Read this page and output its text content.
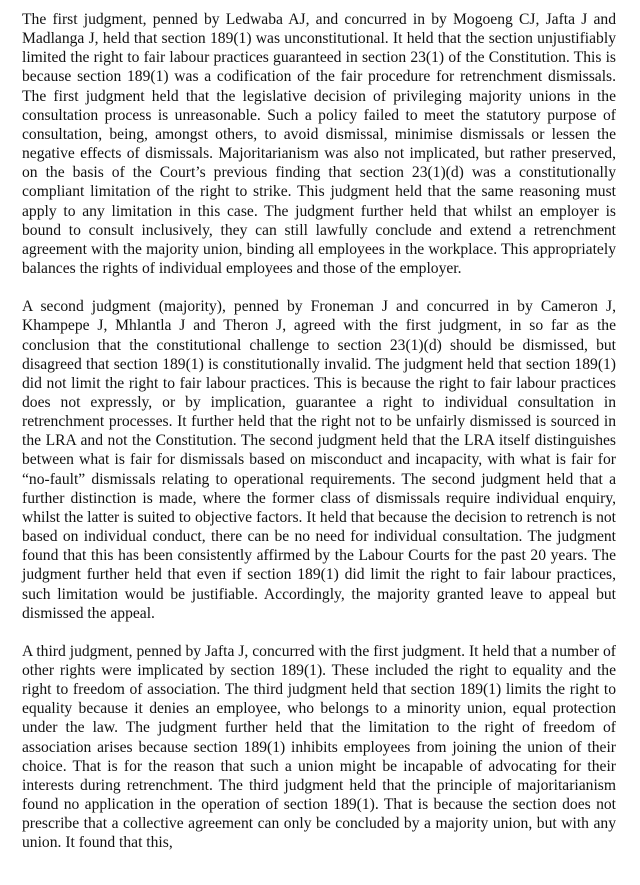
The first judgment, penned by Ledwaba AJ, and concurred in by Mogoeng CJ, Jafta J and Madlanga J, held that section 189(1) was unconstitutional. It held that the section unjustifiably limited the right to fair labour practices guaranteed in section 23(1) of the Constitution. This is because section 189(1) was a codification of the fair procedure for retrenchment dismissals. The first judgment held that the legislative decision of privileging majority unions in the consultation process is unreasonable. Such a policy failed to meet the statutory purpose of consultation, being, amongst others, to avoid dismissal, minimise dismissals or lessen the negative effects of dismissals. Majoritarianism was also not implicated, but rather preserved, on the basis of the Court’s previous finding that section 23(1)(d) was a constitutionally compliant limitation of the right to strike. This judgment held that the same reasoning must apply to any limitation in this case. The judgment further held that whilst an employer is bound to consult inclusively, they can still lawfully conclude and extend a retrenchment agreement with the majority union, binding all employees in the workplace. This appropriately balances the rights of individual employees and those of the employer.

A second judgment (majority), penned by Froneman J and concurred in by Cameron J, Khampepe J, Mhlantla J and Theron J, agreed with the first judgment, in so far as the conclusion that the constitutional challenge to section 23(1)(d) should be dismissed, but disagreed that section 189(1) is constitutionally invalid. The judgment held that section 189(1) did not limit the right to fair labour practices. This is because the right to fair labour practices does not expressly, or by implication, guarantee a right to individual consultation in retrenchment processes. It further held that the right not to be unfairly dismissed is sourced in the LRA and not the Constitution. The second judgment held that the LRA itself distinguishes between what is fair for dismissals based on misconduct and incapacity, with what is fair for “no-fault” dismissals relating to operational requirements. The second judgment held that a further distinction is made, where the former class of dismissals require individual enquiry, whilst the latter is suited to objective factors. It held that because the decision to retrench is not based on individual conduct, there can be no need for individual consultation. The judgment found that this has been consistently affirmed by the Labour Courts for the past 20 years. The judgment further held that even if section 189(1) did limit the right to fair labour practices, such limitation would be justifiable. Accordingly, the majority granted leave to appeal but dismissed the appeal.

A third judgment, penned by Jafta J, concurred with the first judgment. It held that a number of other rights were implicated by section 189(1). These included the right to equality and the right to freedom of association. The third judgment held that section 189(1) limits the right to equality because it denies an employee, who belongs to a minority union, equal protection under the law. The judgment further held that the limitation to the right of freedom of association arises because section 189(1) inhibits employees from joining the union of their choice. That is for the reason that such a union might be incapable of advocating for their interests during retrenchment. The third judgment held that the principle of majoritarianism found no application in the operation of section 189(1). That is because the section does not prescribe that a collective agreement can only be concluded by a majority union, but with any union. It found that this,
